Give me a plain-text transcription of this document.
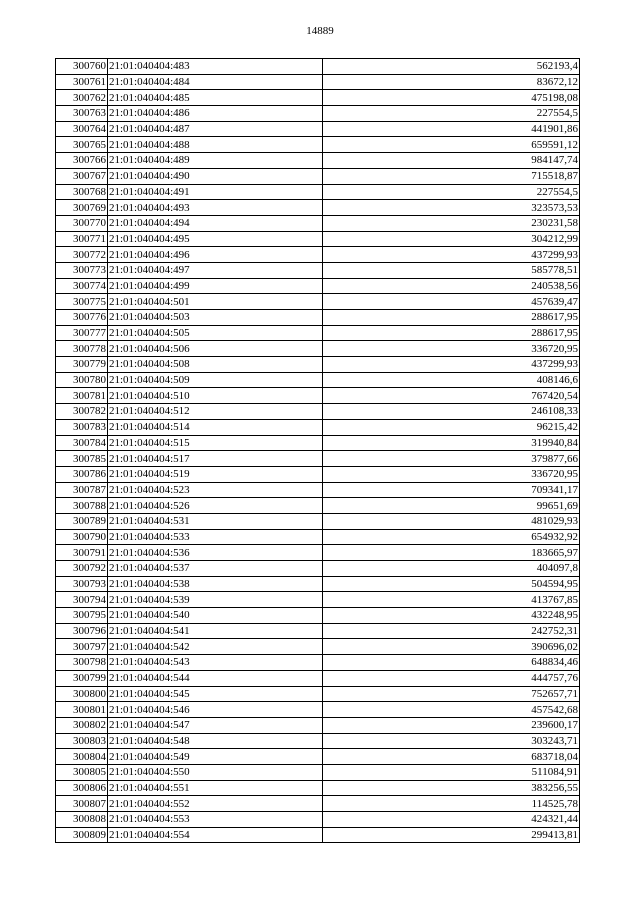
14889
300760	21:01:040404:483	562193,4
300761	21:01:040404:484	83672,12
300762	21:01:040404:485	475198,08
300763	21:01:040404:486	227554,5
300764	21:01:040404:487	441901,86
300765	21:01:040404:488	659591,12
300766	21:01:040404:489	984147,74
300767	21:01:040404:490	715518,87
300768	21:01:040404:491	227554,5
300769	21:01:040404:493	323573,53
300770	21:01:040404:494	230231,58
300771	21:01:040404:495	304212,99
300772	21:01:040404:496	437299,93
300773	21:01:040404:497	585778,51
300774	21:01:040404:499	240538,56
300775	21:01:040404:501	457639,47
300776	21:01:040404:503	288617,95
300777	21:01:040404:505	288617,95
300778	21:01:040404:506	336720,95
300779	21:01:040404:508	437299,93
300780	21:01:040404:509	408146,6
300781	21:01:040404:510	767420,54
300782	21:01:040404:512	246108,33
300783	21:01:040404:514	96215,42
300784	21:01:040404:515	319940,84
300785	21:01:040404:517	379877,66
300786	21:01:040404:519	336720,95
300787	21:01:040404:523	709341,17
300788	21:01:040404:526	99651,69
300789	21:01:040404:531	481029,93
300790	21:01:040404:533	654932,92
300791	21:01:040404:536	183665,97
300792	21:01:040404:537	404097,8
300793	21:01:040404:538	504594,95
300794	21:01:040404:539	413767,85
300795	21:01:040404:540	432248,95
300796	21:01:040404:541	242752,31
300797	21:01:040404:542	390696,02
300798	21:01:040404:543	648834,46
300799	21:01:040404:544	444757,76
300800	21:01:040404:545	752657,71
300801	21:01:040404:546	457542,68
300802	21:01:040404:547	239600,17
300803	21:01:040404:548	303243,71
300804	21:01:040404:549	683718,04
300805	21:01:040404:550	511084,91
300806	21:01:040404:551	383256,55
300807	21:01:040404:552	114525,78
300808	21:01:040404:553	424321,44
300809	21:01:040404:554	299413,81
